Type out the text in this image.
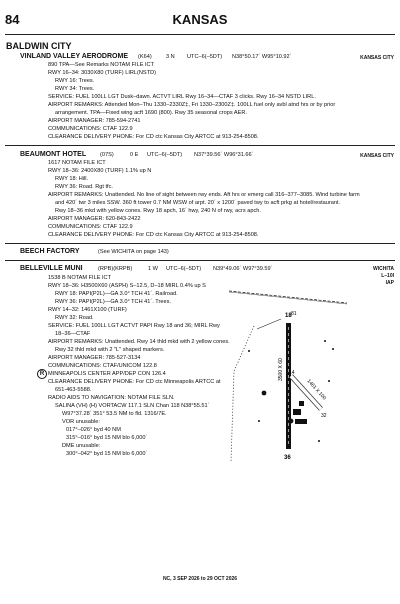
84	KANSAS
BALDWIN CITY
VINLAND VALLEY AERODROME (K64)	3 N UTC–6(–5DT) N38°50.17´ W95°10.92´	KANSAS CITY
890 TPA—See Remarks NOTAM FILE ICT
RWY 16–34: 3030X80 (TURF) LIRL(NSTD)
RWY 16: Trees.
RWY 34: Trees.
SERVICE: FUEL 100LL LGT Dusk–dawn. ACTVT LIRL Rwy 16–34—CTAF 3 clicks. Rwy 16–34 NSTD LIRL.
AIRPORT REMARKS: Attended Mon–Thu 1330–2330Z‡, Fri 1330–2300Z‡. 100LL fuel only avbl atnd hrs or by prior
arrangement. TPA—Fixed wing acft 1690 (800). Rwy 35 seasonal crops AER.
AIRPORT MANAGER: 785-594-2741
COMMUNICATIONS: CTAF 122.9
CLEARANCE DELIVERY PHONE: For CD ctc Kansas City ARTCC at 913-254-8508.
BEAUMONT HOTEL (07S)	0 E UTC–6(–5DT) N37°39.56´ W96°31.66´	KANSAS CITY
1617 NOTAM FILE ICT
RWY 18–36: 2400X80 (TURF) 1.1% up N
RWY 18: Hill.
RWY 36: Road. Rgt tfc.
AIRPORT REMARKS: Unattended. No line of sight between rwy ends. Aft hrs or emerg call 316–377–3085. Wind turbine farm
and 420´ twr 3 miles SSW. 360 ft tower 0.7 NM WSW of arpt. 20´ x 1200´ paved twy to acft prkg at hotel/restaurant.
Rwy 18–36 mkd with yellow cones. Rwy 18 apch, 16´ hwy, 240 N of rwy, acrs apch.
AIRPORT MANAGER: 620-843-2422
COMMUNICATIONS: CTAF 122.9
CLEARANCE DELIVERY PHONE: For CD ctc Kansas City ARTCC at 913-254-8508.
BEECH FACTORY	(See WICHITA on page 143)
BELLEVILLE MUNI	(RPB)(KRPB)	1 W UTC–6(–5DT) N39°49.06´ W97°39.59´	WICHITA
L–10I
IAP
1538 B NOTAM FILE ICT
RWY 18–36: H3500X60 (ASPH) S–12.5, D–18 MIRL 0.4% up S
RWY 18: PAPI(P2L)—GA 3.0° TCH 41´. Railroad.
RWY 36: PAPI(P2L)—GA 3.0° TCH 41´. Trees.
RWY 14–32: 1461X100 (TURF)
RWY 32: Road.
SERVICE: FUEL 100LL LGT ACTVT PAPI Rwy 18 and 36; MIRL Rwy
18–36—CTAF
AIRPORT REMARKS: Unattended. Rwy 14 thld mkd with 2 yellow cones.
Rwy 32 thld mkd with 2 "L" shaped markers.
AIRPORT MANAGER: 785-527-3134
COMMUNICATIONS: CTAF/UNICOM 122.8
MINNEAPOLIS CENTER APP/DEP CON 126.4
CLEARANCE DELIVERY PHONE: For CD ctc Minneapolis ARTCC at
651-463-5588.
RADIO AIDS TO NAVIGATION: NOTAM FILE SLN.
SALINA (VH) (H) VORTACW 117.1 SLN Chan 118 N38°55.51´
W97°37.28´ 351° 53.5 NM to fld. 1316/7E.
VOR unusable:
017°–026° byd 40 NM
315°–016° byd 15 NM blo 6,000´
DME unusable:
300°–042° byd 15 NM blo 6,000´
R
18
36
81
14
32
3500 X 60
1461 X 100
NC, 3 SEP 2026 to 29 OCT 2026
